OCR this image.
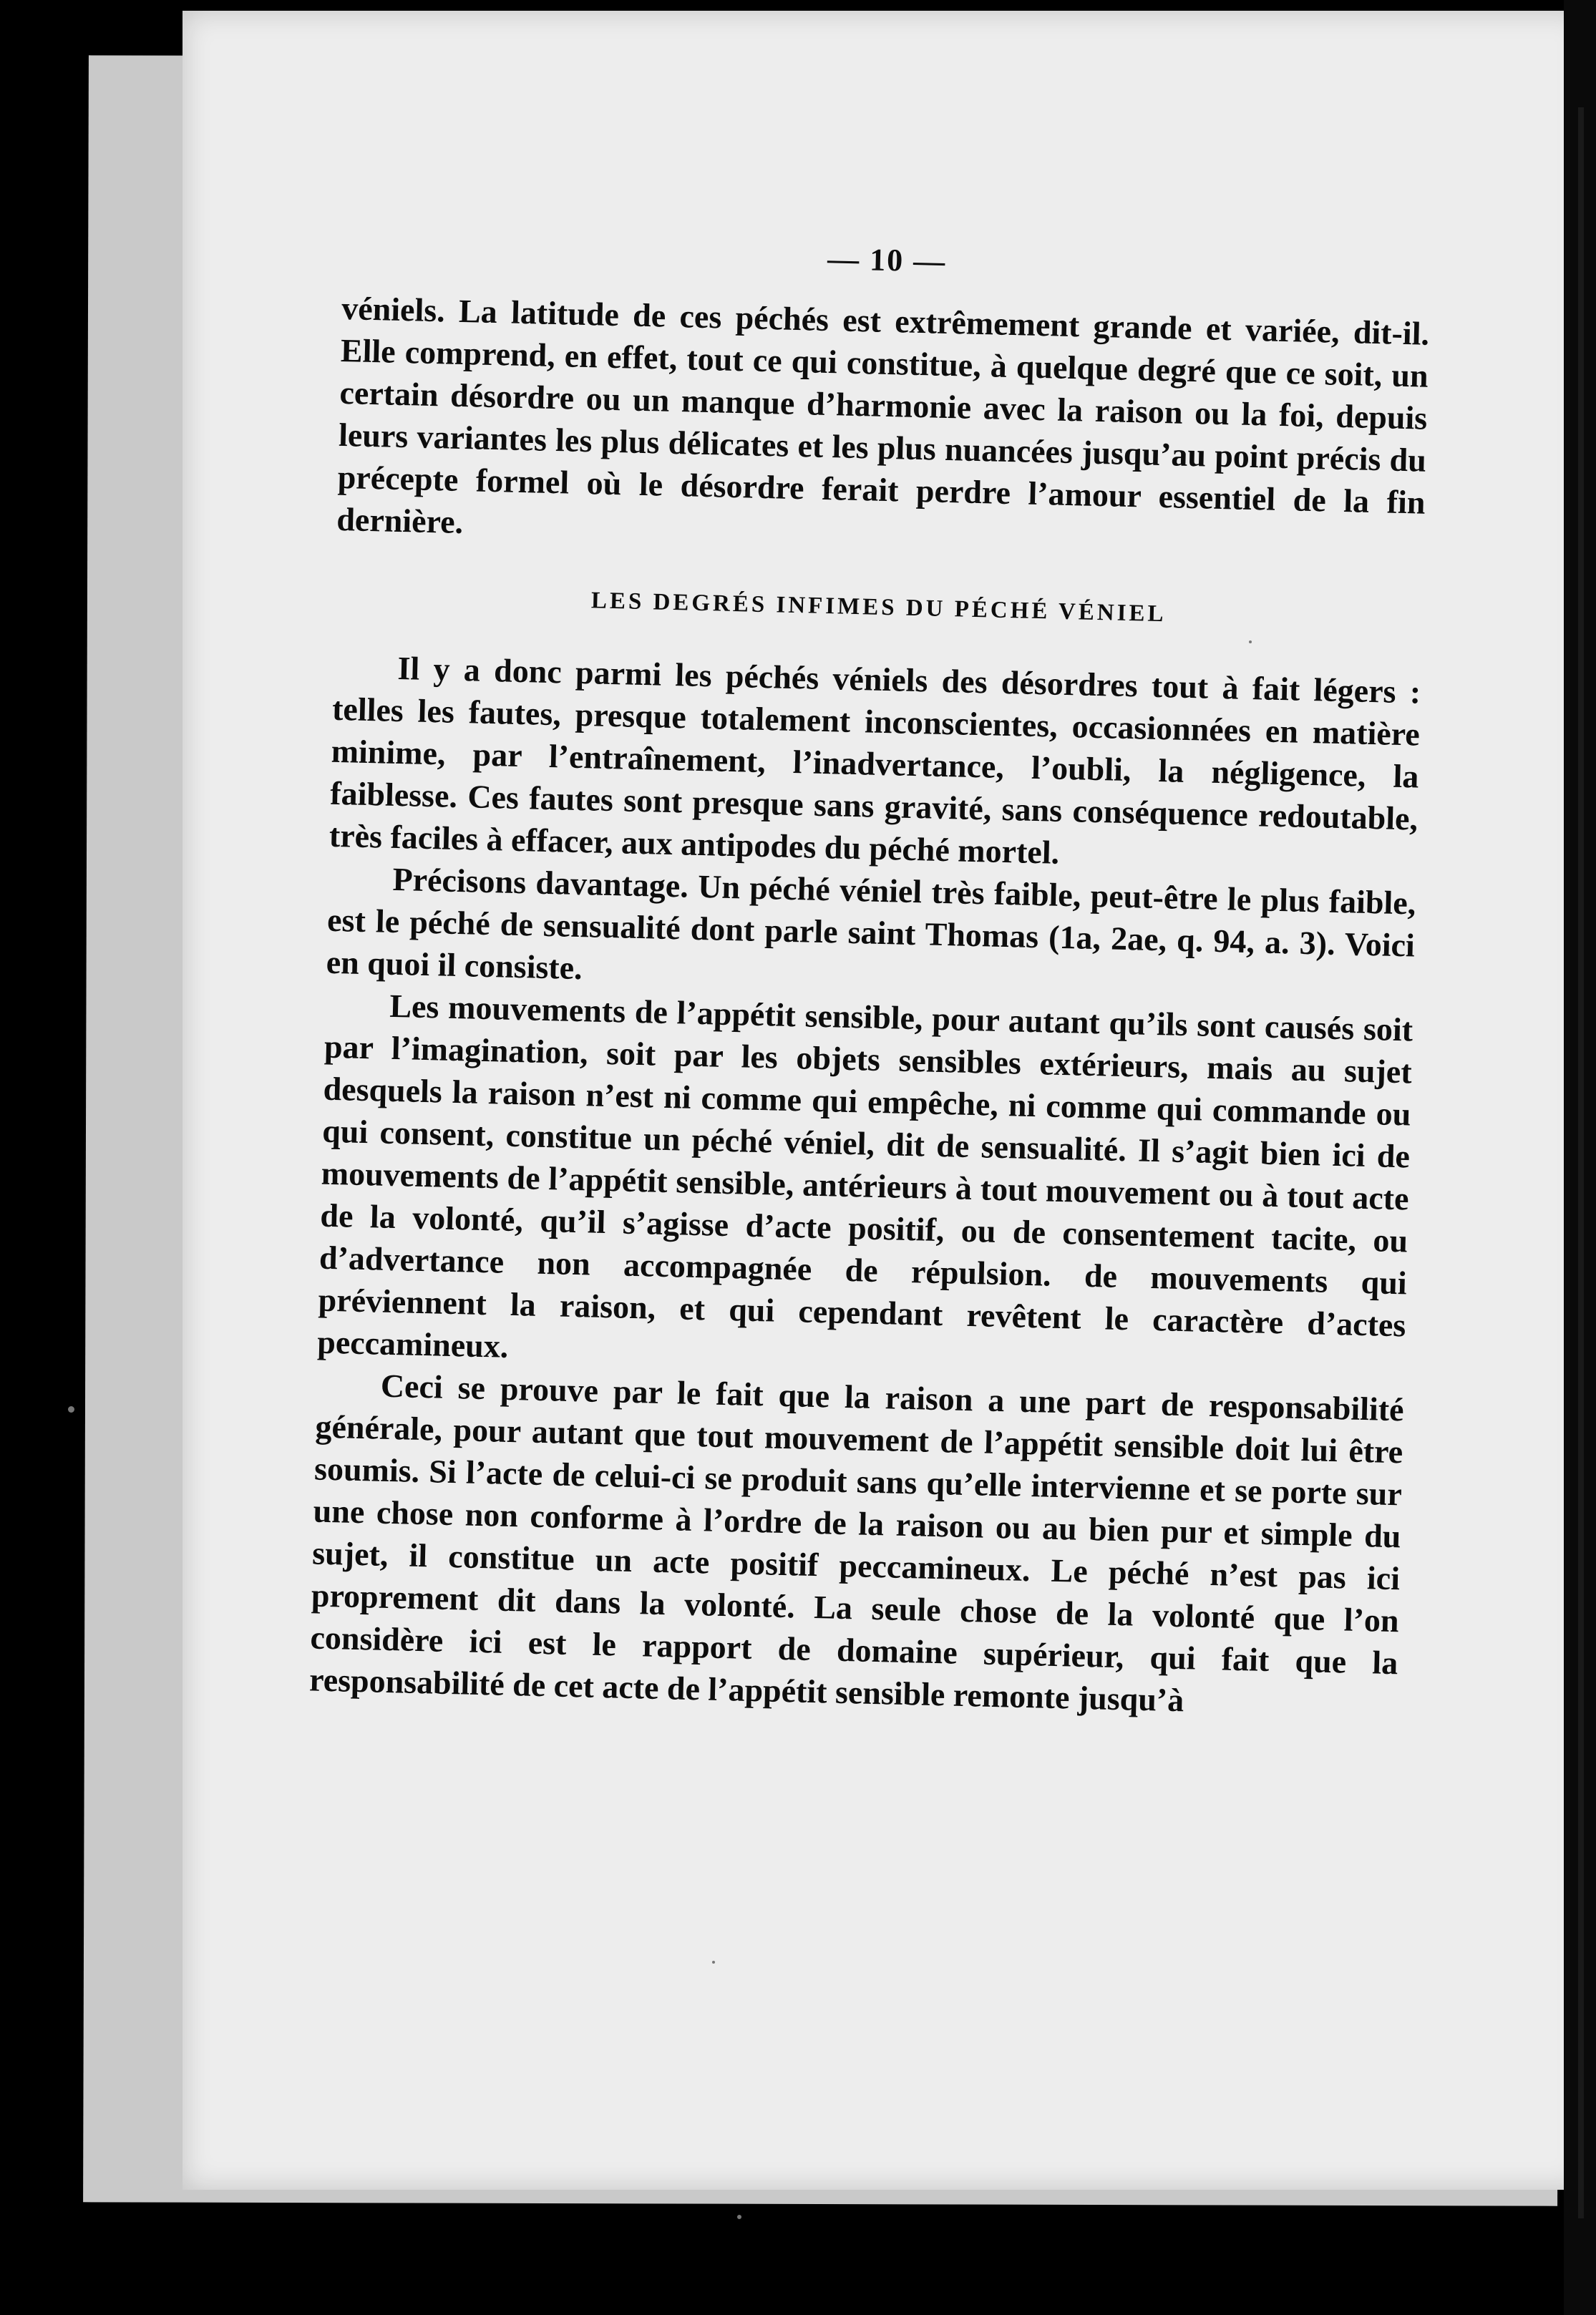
— 10 —

véniels. La latitude de ces péchés est extrêmement grande et variée, dit-il. Elle comprend, en effet, tout ce qui constitue, à quelque degré que ce soit, un certain désordre ou un manque d’harmonie avec la raison ou la foi, depuis leurs variantes les plus délicates et les plus nuancées jusqu’au point précis du précepte formel où le désordre ferait perdre l’amour essentiel de la fin dernière.

LES DEGRÉS INFIMES DU PÉCHÉ VÉNIEL

Il y a donc parmi les péchés véniels des désordres tout à fait légers : telles les fautes, presque totalement inconscientes, occasionnées en matière minime, par l’entraînement, l’inadvertance, l’oubli, la négligence, la faiblesse. Ces fautes sont presque sans gravité, sans conséquence redoutable, très faciles à effacer, aux antipodes du péché mortel.

Précisons davantage. Un péché véniel très faible, peut-être le plus faible, est le péché de sensualité dont parle saint Thomas (1a, 2ae, q. 94, a. 3). Voici en quoi il consiste.

Les mouvements de l’appétit sensible, pour autant qu’ils sont causés soit par l’imagination, soit par les objets sensibles extérieurs, mais au sujet desquels la raison n’est ni comme qui empêche, ni comme qui commande ou qui consent, constitue un péché véniel, dit de sensualité. Il s’agit bien ici de mouvements de l’appétit sensible, antérieurs à tout mouvement ou à tout acte de la volonté, qu’il s’agisse d’acte positif, ou de consentement tacite, ou d’advertance non accompagnée de répulsion. de mouvements qui préviennent la raison, et qui cependant revêtent le caractère d’actes peccamineux.

Ceci se prouve par le fait que la raison a une part de responsabilité générale, pour autant que tout mouvement de l’appétit sensible doit lui être soumis. Si l’acte de celui-ci se produit sans qu’elle intervienne et se porte sur une chose non conforme à l’ordre de la raison ou au bien pur et simple du sujet, il constitue un acte positif peccamineux. Le péché n’est pas ici proprement dit dans la volonté. La seule chose de la volonté que l’on considère ici est le rapport de domaine supérieur, qui fait que la responsabilité de cet acte de l’appétit sensible remonte jusqu’à
